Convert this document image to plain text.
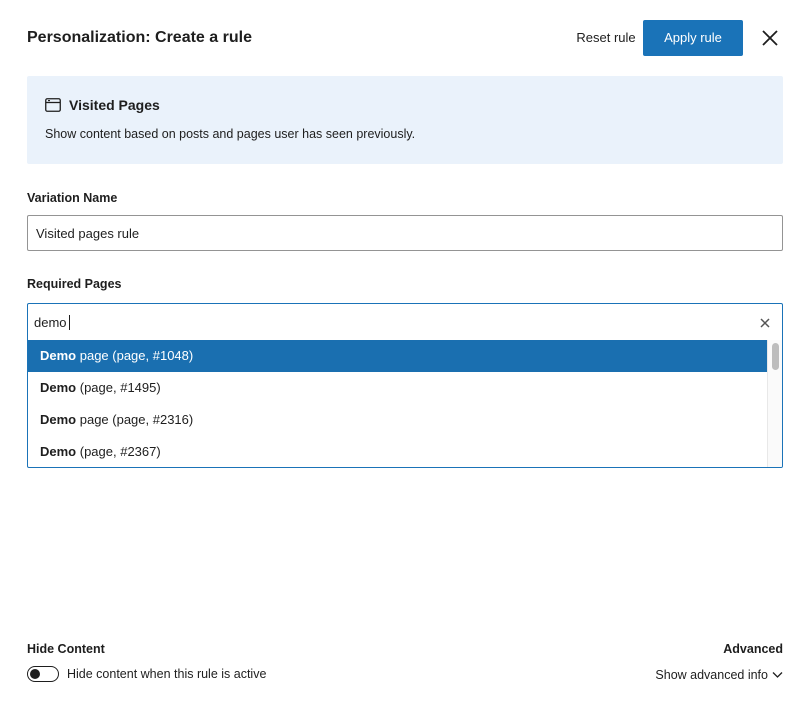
Personalization: Create a rule	Reset rule	Apply rule
Visited Pages
Show content based on posts and pages user has seen previously.
Variation Name
Visited pages rule
Required Pages
demo
Demo page (page, #1048)
Demo (page, #1495)
Demo page (page, #2316)
Demo (page, #2367)
Hide Content
Hide content when this rule is active
Advanced
Show advanced info
